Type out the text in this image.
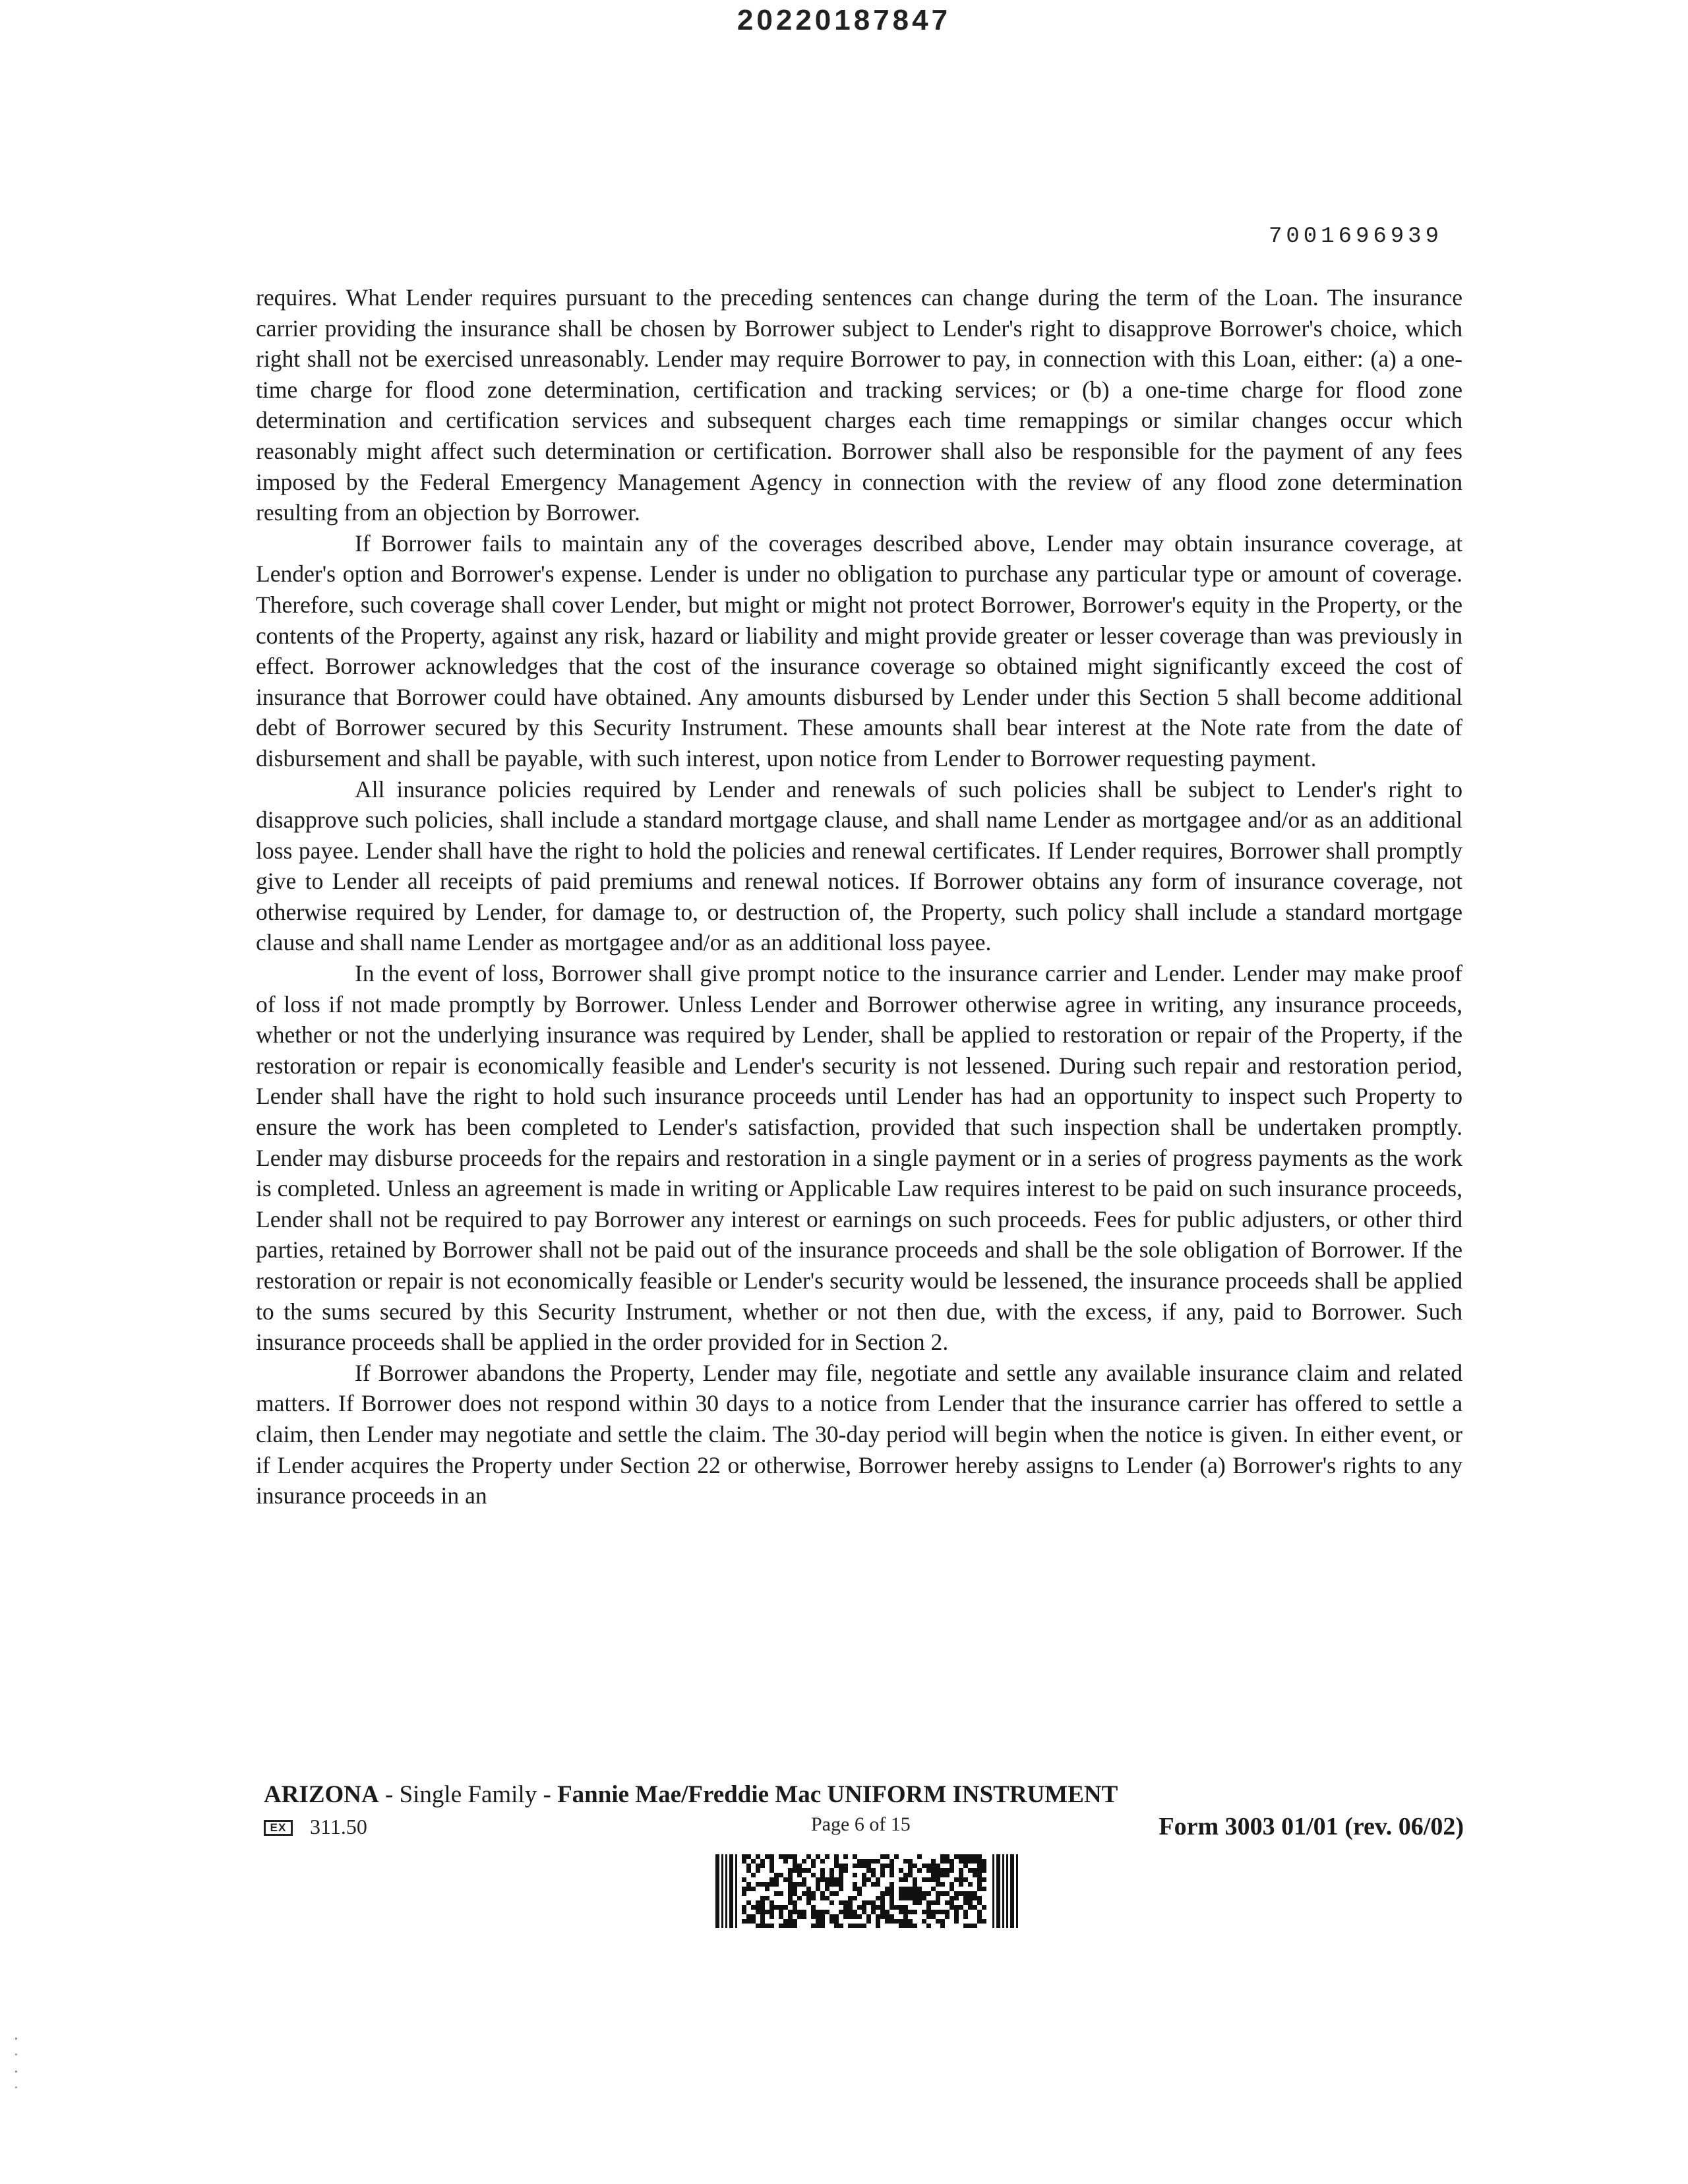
20220187847
7001696939

requires. What Lender requires pursuant to the preceding sentences can change during the term of the Loan. The insurance carrier providing the insurance shall be chosen by Borrower subject to Lender's right to disapprove Borrower's choice, which right shall not be exercised unreasonably. Lender may require Borrower to pay, in connection with this Loan, either: (a) a one-time charge for flood zone determination, certification and tracking services; or (b) a one-time charge for flood zone determination and certification services and subsequent charges each time remappings or similar changes occur which reasonably might affect such determination or certification. Borrower shall also be responsible for the payment of any fees imposed by the Federal Emergency Management Agency in connection with the review of any flood zone determination resulting from an objection by Borrower.

If Borrower fails to maintain any of the coverages described above, Lender may obtain insurance coverage, at Lender's option and Borrower's expense. Lender is under no obligation to purchase any particular type or amount of coverage. Therefore, such coverage shall cover Lender, but might or might not protect Borrower, Borrower's equity in the Property, or the contents of the Property, against any risk, hazard or liability and might provide greater or lesser coverage than was previously in effect. Borrower acknowledges that the cost of the insurance coverage so obtained might significantly exceed the cost of insurance that Borrower could have obtained. Any amounts disbursed by Lender under this Section 5 shall become additional debt of Borrower secured by this Security Instrument. These amounts shall bear interest at the Note rate from the date of disbursement and shall be payable, with such interest, upon notice from Lender to Borrower requesting payment.

All insurance policies required by Lender and renewals of such policies shall be subject to Lender's right to disapprove such policies, shall include a standard mortgage clause, and shall name Lender as mortgagee and/or as an additional loss payee. Lender shall have the right to hold the policies and renewal certificates. If Lender requires, Borrower shall promptly give to Lender all receipts of paid premiums and renewal notices. If Borrower obtains any form of insurance coverage, not otherwise required by Lender, for damage to, or destruction of, the Property, such policy shall include a standard mortgage clause and shall name Lender as mortgagee and/or as an additional loss payee.

In the event of loss, Borrower shall give prompt notice to the insurance carrier and Lender. Lender may make proof of loss if not made promptly by Borrower. Unless Lender and Borrower otherwise agree in writing, any insurance proceeds, whether or not the underlying insurance was required by Lender, shall be applied to restoration or repair of the Property, if the restoration or repair is economically feasible and Lender's security is not lessened. During such repair and restoration period, Lender shall have the right to hold such insurance proceeds until Lender has had an opportunity to inspect such Property to ensure the work has been completed to Lender's satisfaction, provided that such inspection shall be undertaken promptly. Lender may disburse proceeds for the repairs and restoration in a single payment or in a series of progress payments as the work is completed. Unless an agreement is made in writing or Applicable Law requires interest to be paid on such insurance proceeds, Lender shall not be required to pay Borrower any interest or earnings on such proceeds. Fees for public adjusters, or other third parties, retained by Borrower shall not be paid out of the insurance proceeds and shall be the sole obligation of Borrower. If the restoration or repair is not economically feasible or Lender's security would be lessened, the insurance proceeds shall be applied to the sums secured by this Security Instrument, whether or not then due, with the excess, if any, paid to Borrower. Such insurance proceeds shall be applied in the order provided for in Section 2.

If Borrower abandons the Property, Lender may file, negotiate and settle any available insurance claim and related matters. If Borrower does not respond within 30 days to a notice from Lender that the insurance carrier has offered to settle a claim, then Lender may negotiate and settle the claim. The 30-day period will begin when the notice is given. In either event, or if Lender acquires the Property under Section 22 or otherwise, Borrower hereby assigns to Lender (a) Borrower's rights to any insurance proceeds in an

ARIZONA - Single Family - Fannie Mae/Freddie Mac UNIFORM INSTRUMENT
EX	311.50	Page 6 of 15	Form 3003 01/01 (rev. 06/02)
